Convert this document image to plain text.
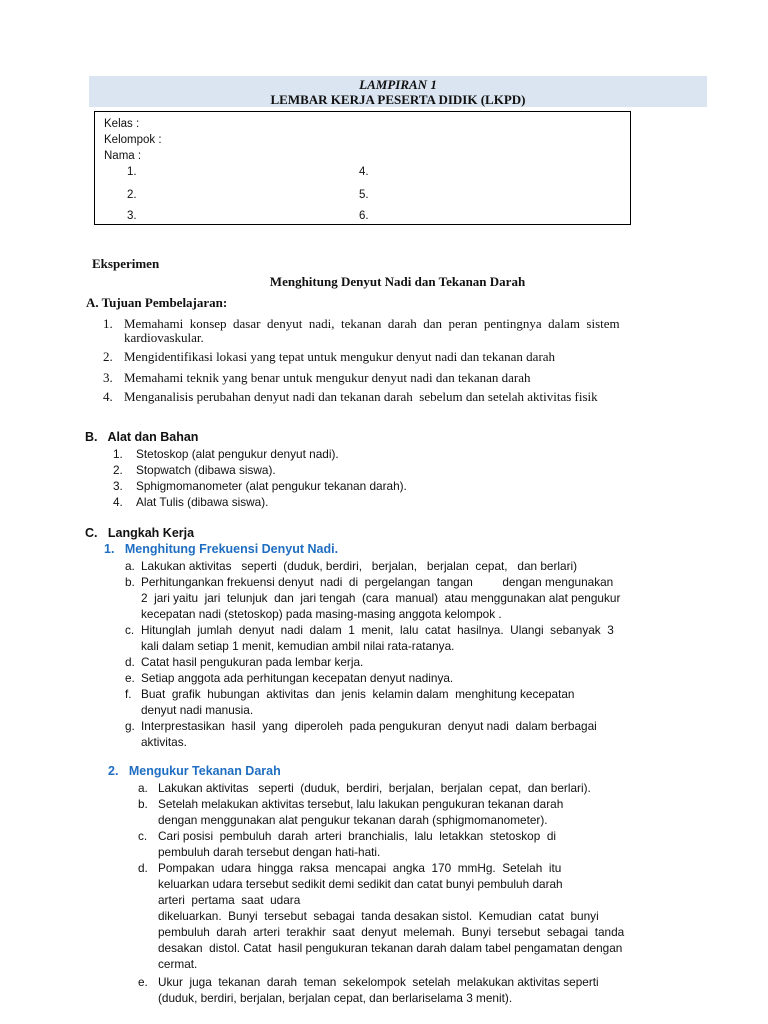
LAMPIRAN 1
LEMBAR KERJA PESERTA DIDIK (LKPD)
Kelas :
Kelompok :
Nama :
1.
2.
3.
4.
5.
6.
Eksperimen
Menghitung Denyut Nadi dan Tekanan Darah
A. Tujuan Pembelajaran:
1. Memahami  konsep  dasar  denyut  nadi,  tekanan  darah  dan  peran  pentingnya  dalam  sistem
kardiovaskular.
2. Mengidentifikasi lokasi yang tepat untuk mengukur denyut nadi dan tekanan darah
3. Memahami teknik yang benar untuk mengukur denyut nadi dan tekanan darah
4. Menganalisis perubahan denyut nadi dan tekanan darah  sebelum dan setelah aktivitas fisik
B.   Alat dan Bahan
1. Stetoskop (alat pengukur denyut nadi).
2. Stopwatch (dibawa siswa).
3. Sphigmomanometer (alat pengukur tekanan darah).
4. Alat Tulis (dibawa siswa).
C.   Langkah Kerja
1.   Menghitung Frekuensi Denyut Nadi.
a. Lakukan aktivitas   seperti  (duduk, berdiri,   berjalan,   berjalan  cepat,   dan berlari)
b. Perhitungankan frekuensi denyut  nadi  di  pergelangan  tangan         dengan mengunakan
2  jari yaitu  jari  telunjuk  dan  jari tengah  (cara  manual)  atau menggunakan alat pengukur
kecepatan nadi (stetoskop) pada masing-masing anggota kelompok .
c. Hitunglah  jumlah  denyut  nadi  dalam  1  menit,  lalu  catat  hasilnya.  Ulangi  sebanyak  3
kali dalam setiap 1 menit, kemudian ambil nilai rata-ratanya.
d. Catat hasil pengukuran pada lembar kerja.
e. Setiap anggota ada perhitungan kecepatan denyut nadinya.
f. Buat  grafik  hubungan  aktivitas  dan  jenis  kelamin dalam  menghitung kecepatan
denyut nadi manusia.
g. Interprestasikan  hasil  yang  diperoleh  pada pengukuran  denyut nadi  dalam berbagai
aktivitas.
2.   Mengukur Tekanan Darah
a. Lakukan aktivitas   seperti  (duduk,  berdiri,  berjalan,  berjalan  cepat,  dan berlari).
b. Setelah melakukan aktivitas tersebut, lalu lakukan pengukuran tekanan darah
dengan menggunakan alat pengukur tekanan darah (sphigmomanometer).
c. Cari posisi  pembuluh  darah  arteri  branchialis,  lalu  letakkan  stetoskop  di
pembuluh darah tersebut dengan hati-hati.
d. Pompakan  udara  hingga  raksa  mencapai  angka  170  mmHg.  Setelah  itu
keluarkan udara tersebut sedikit demi sedikit dan catat bunyi pembuluh darah
arteri  pertama  saat  udara
dikeluarkan.  Bunyi  tersebut  sebagai  tanda desakan sistol.  Kemudian  catat  bunyi
pembuluh  darah  arteri  terakhir  saat  denyut  melemah.  Bunyi  tersebut  sebagai  tanda
desakan  distol. Catat  hasil pengukuran tekanan darah dalam tabel pengamatan dengan
cermat.
e. Ukur  juga  tekanan  darah  teman  sekelompok  setelah  melakukan aktivitas seperti
(duduk, berdiri, berjalan, berjalan cepat, dan berlariselama 3 menit).
